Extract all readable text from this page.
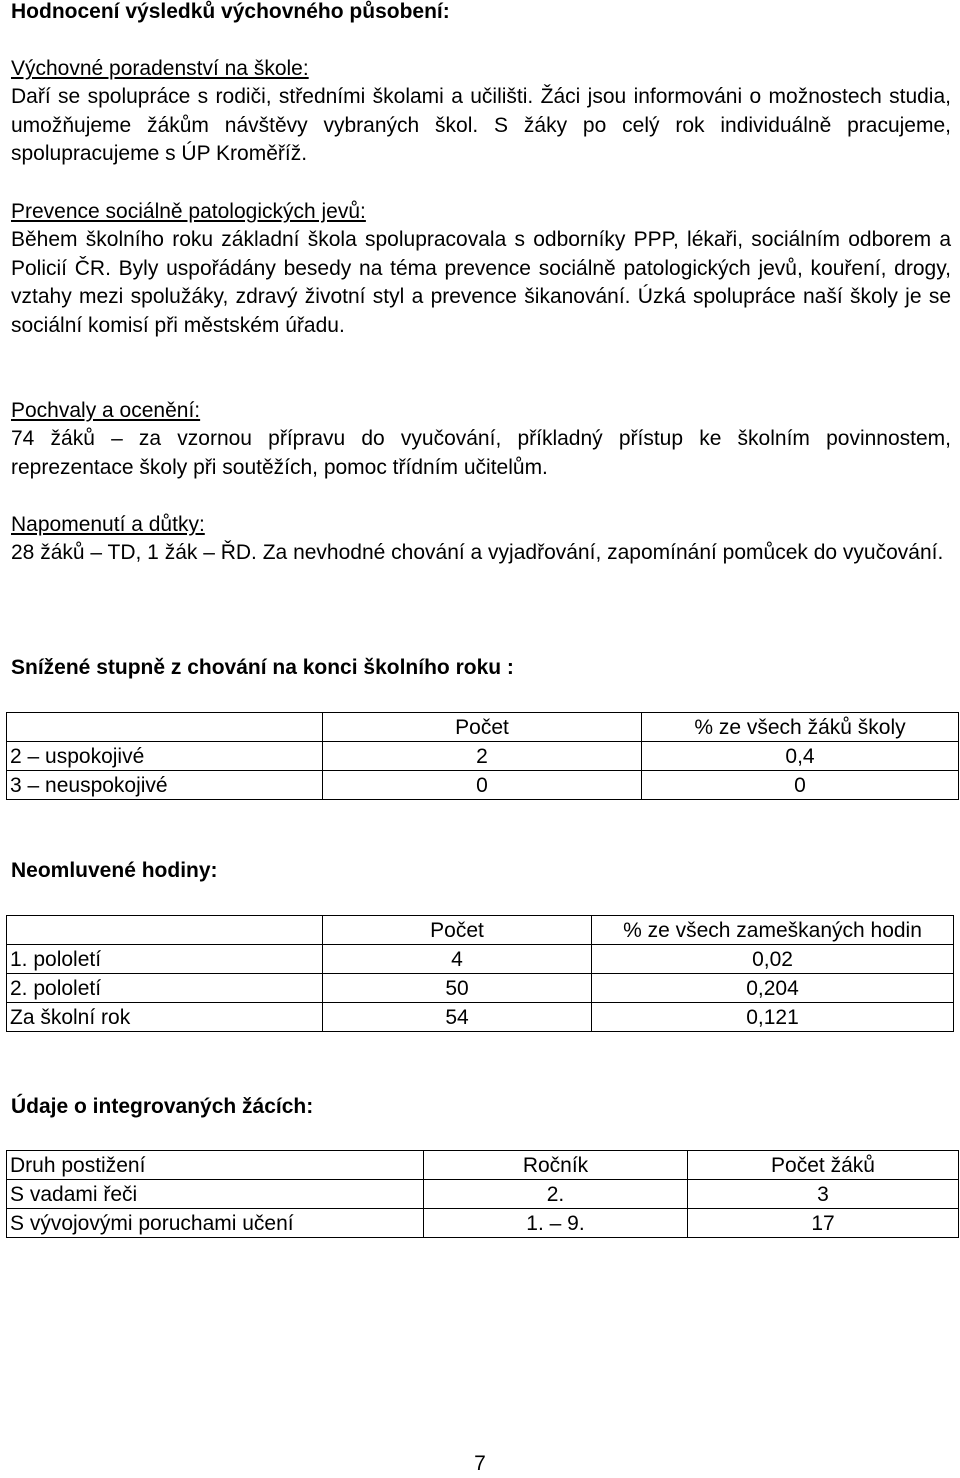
Hodnocení výsledků výchovného působení:
Výchovné poradenství na škole:

Daří se spolupráce s rodiči, středními školami a učilišti. Žáci jsou informováni o možnostech studia, umožňujeme žákům návštěvy vybraných škol. S žáky po celý rok individuálně pracujeme, spolupracujeme s ÚP Kroměříž.

Prevence sociálně patologických jevů:

Během školního roku základní škola spolupracovala s odborníky PPP, lékaři, sociálním odborem a Policií ČR. Byly uspořádány besedy na téma prevence sociálně patologických jevů, kouření, drogy, vztahy mezi spolužáky, zdravý životní styl a prevence šikanování. Úzká spolupráce naší školy je se sociální komisí při městském úřadu.

Pochvaly a ocenění:

74 žáků – za vzornou přípravu do vyučování, příkladný přístup ke školním povinnostem, reprezentace školy při soutěžích, pomoc třídním učitelům.

Napomenutí a důtky:

28 žáků – TD, 1 žák – ŘD. Za nevhodné chování a vyjadřování, zapomínání pomůcek do vyučování.

Snížené stupně z chování na konci školního roku :
	Počet	% ze všech žáků školy
2 – uspokojivé	2	0,4
3 – neuspokojivé	0	0
Neomluvené hodiny:
	Počet	% ze všech zameškaných hodin
1. pololetí	4	0,02
2. pololetí	50	0,204
Za školní rok	54	0,121
Údaje o integrovaných žácích:
Druh postižení	Ročník	Počet žáků
S vadami řeči	2.	3
S vývojovými poruchami učení	1. – 9.	17
7
